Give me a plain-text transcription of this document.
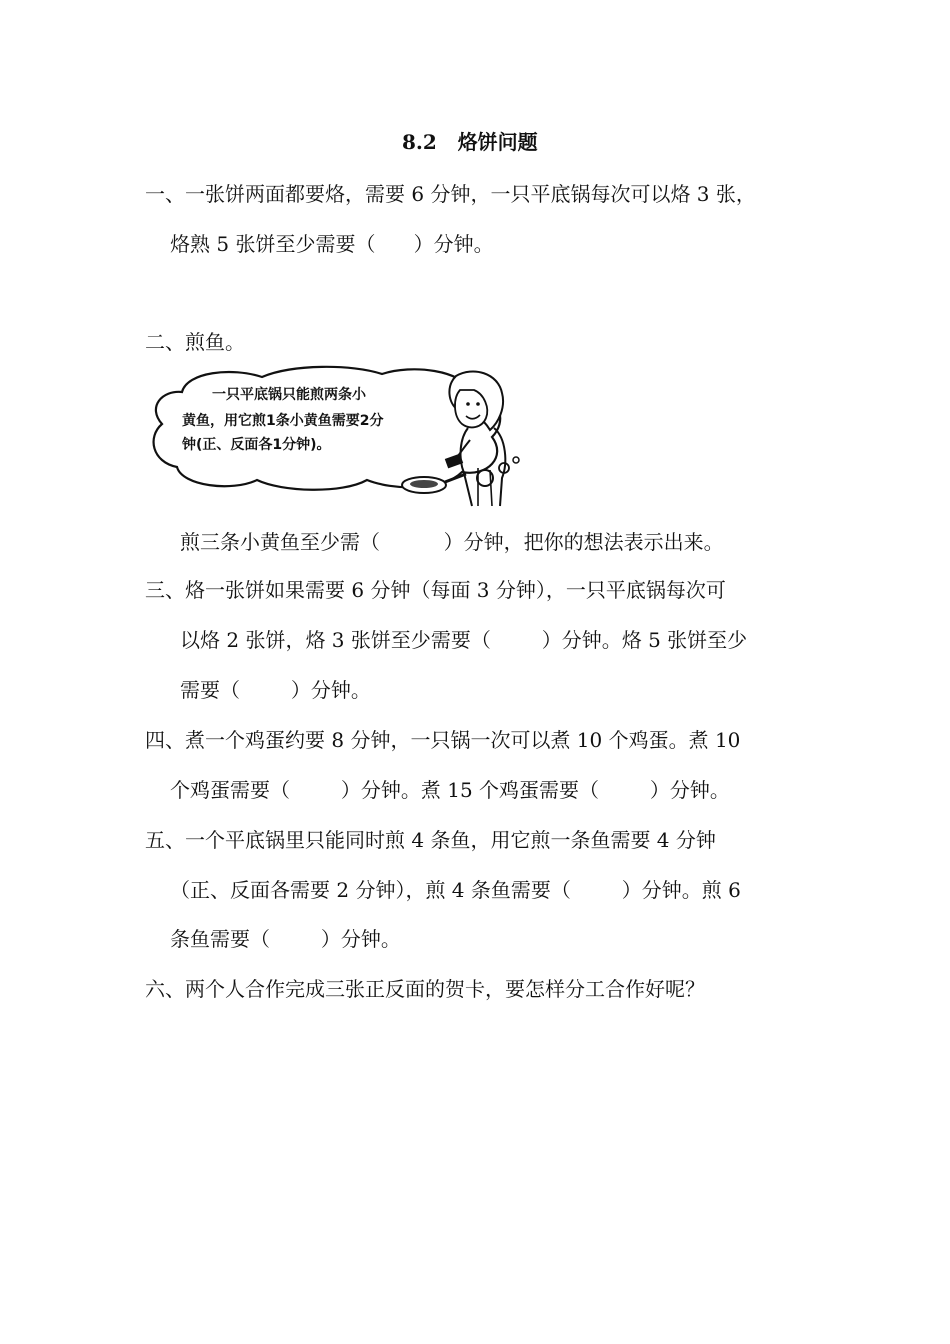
8.2   烙饼问题
一、一张饼两面都要烙，需要 6 分钟，一只平底锅每次可以烙 3 张，
烙熟 5 张饼至少需要（      ）分钟。
二、煎鱼。
一只平底锅只能煎两条小
黄鱼，用它煎1条小黄鱼需要2分
钟(正、反面各1分钟)。
煎三条小黄鱼至少需（          ）分钟，把你的想法表示出来。
三、烙一张饼如果需要 6 分钟（每面 3 分钟），一只平底锅每次可
以烙 2 张饼，烙 3 张饼至少需要（        ）分钟。烙 5 张饼至少
需要（        ）分钟。
四、煮一个鸡蛋约要 8 分钟，一只锅一次可以煮 10 个鸡蛋。煮 10
个鸡蛋需要（        ）分钟。煮 15 个鸡蛋需要（        ）分钟。
五、一个平底锅里只能同时煎 4 条鱼，用它煎一条鱼需要 4 分钟
（正、反面各需要 2 分钟），煎 4 条鱼需要（        ）分钟。煎 6
条鱼需要（        ）分钟。
六、两个人合作完成三张正反面的贺卡，要怎样分工合作好呢？
